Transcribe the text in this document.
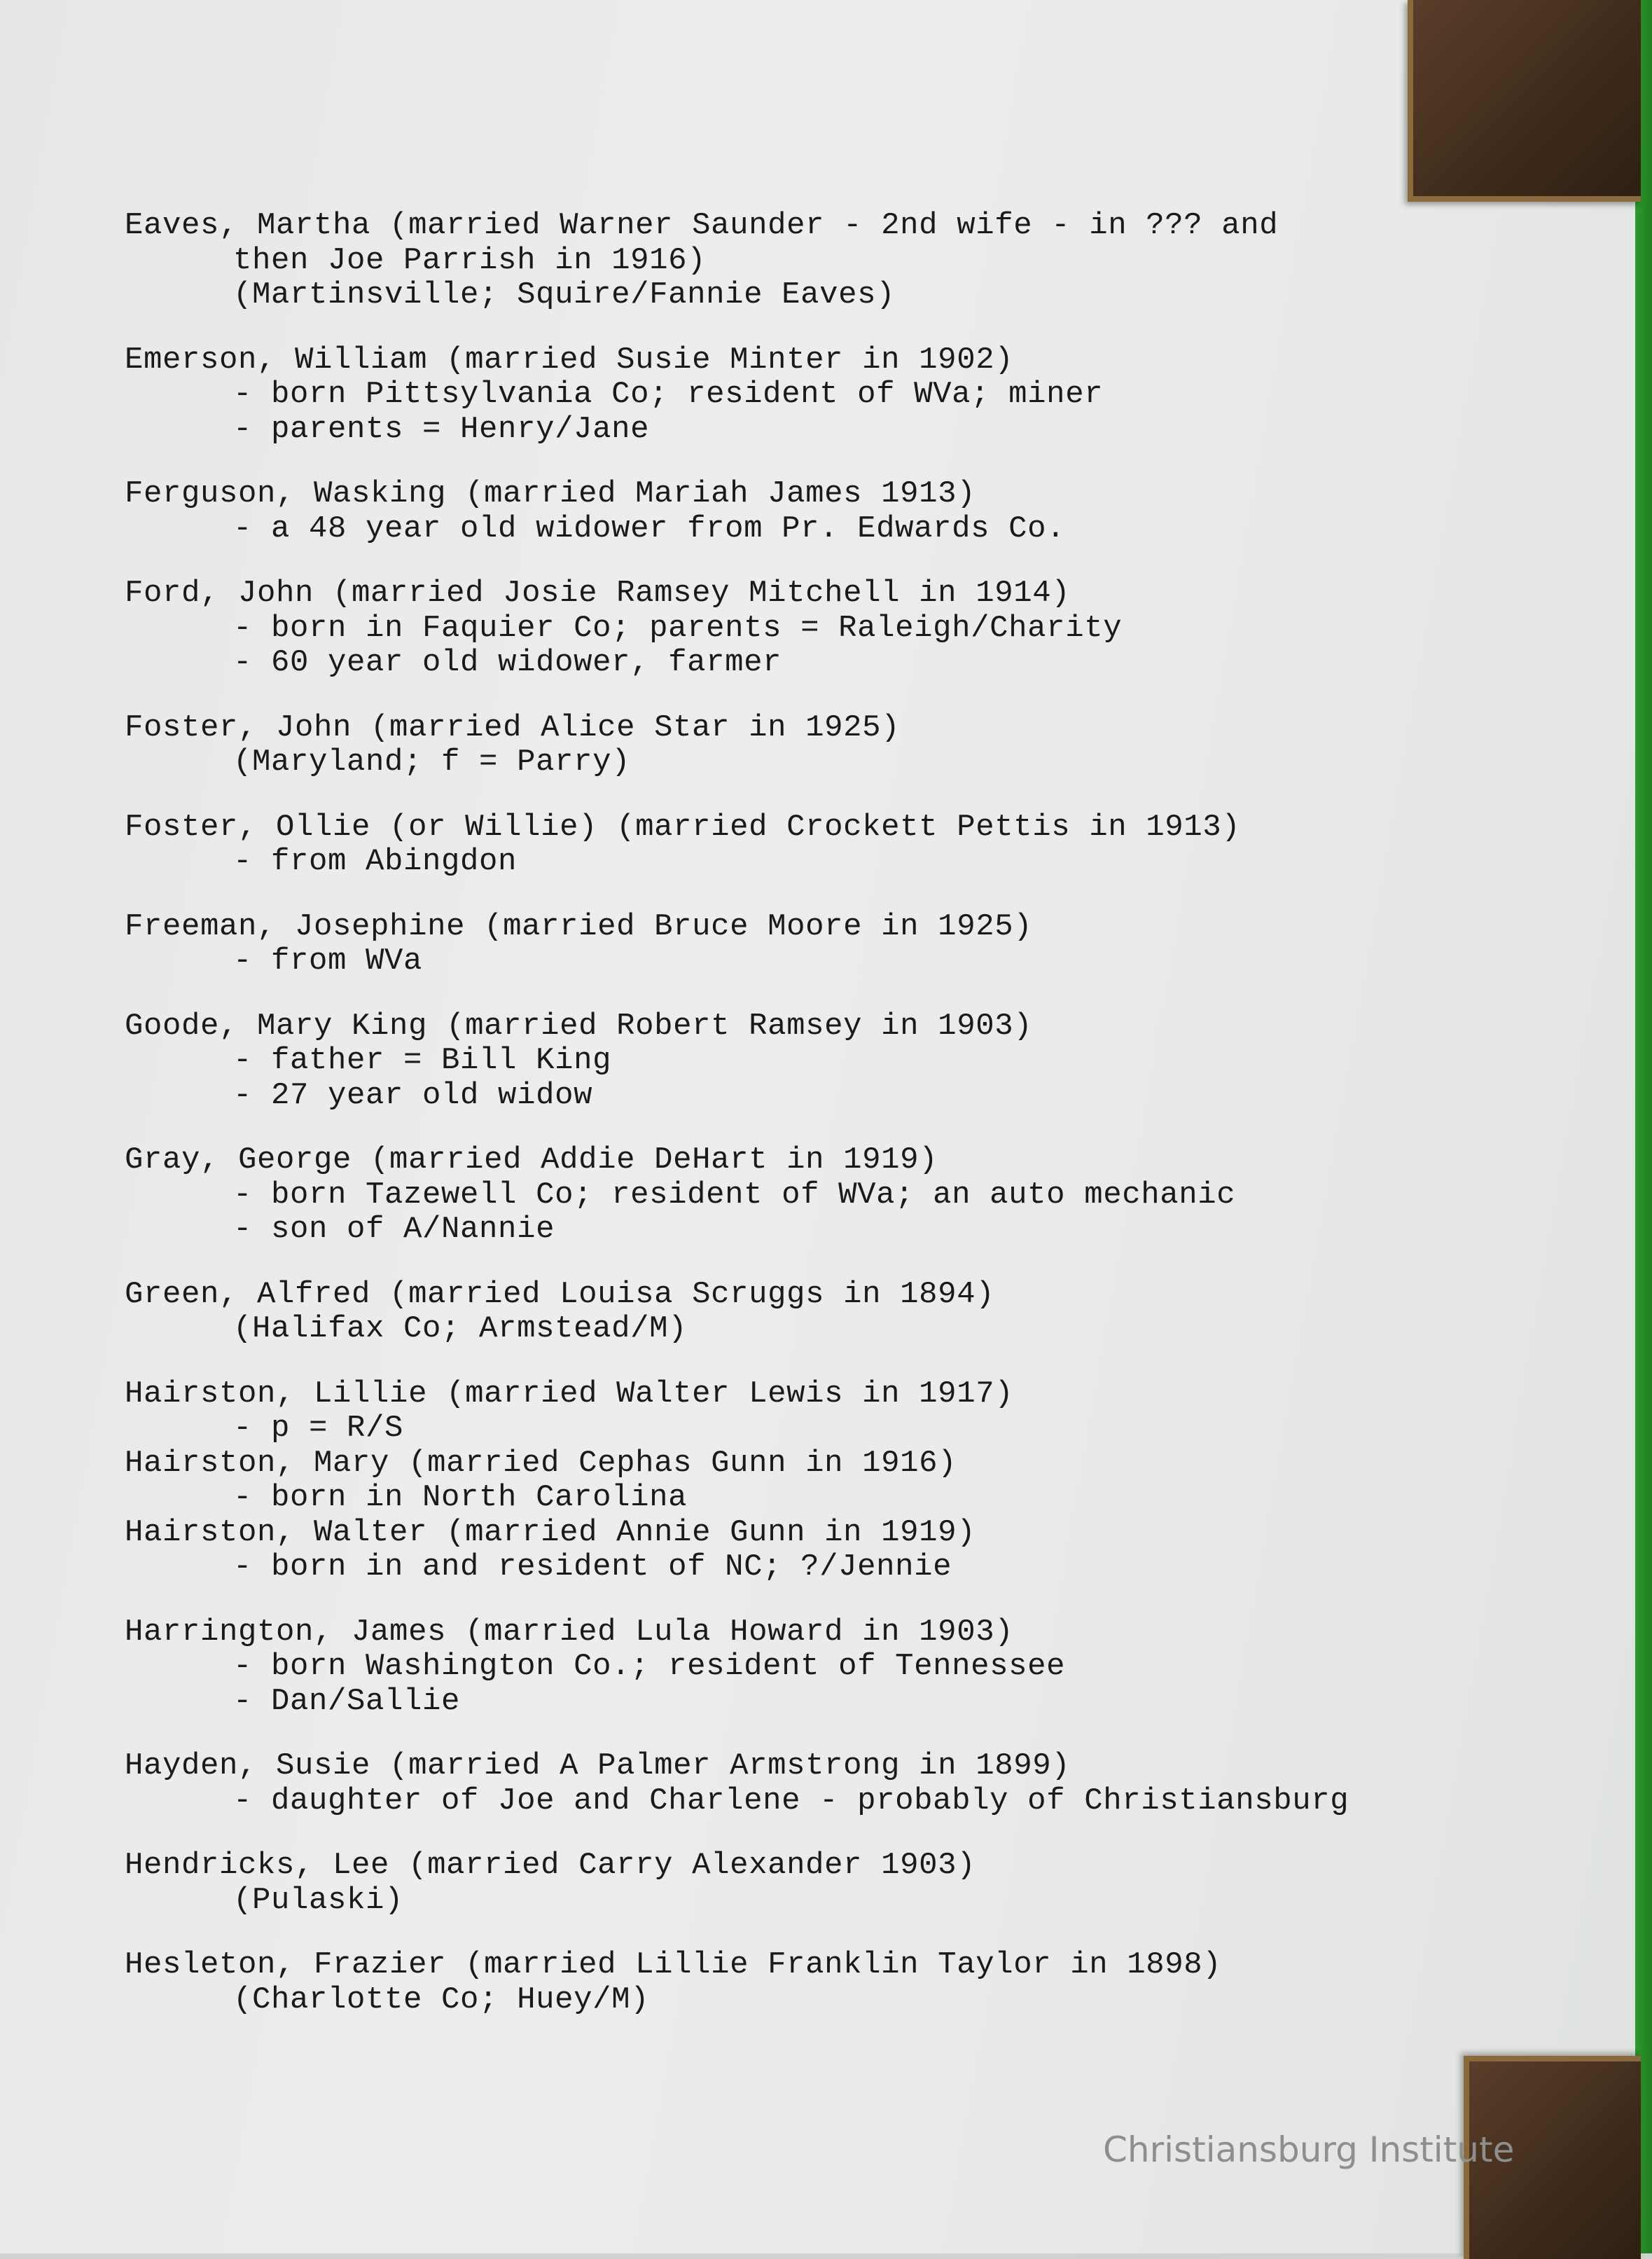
Eaves, Martha (married Warner Saunder - 2nd wife - in ??? and
then Joe Parrish in 1916)
(Martinsville; Squire/Fannie Eaves)
Emerson, William (married Susie Minter in 1902)
- born Pittsylvania Co; resident of WVa; miner
- parents = Henry/Jane
Ferguson, Wasking (married Mariah James 1913)
- a 48 year old widower from Pr. Edwards Co.
Ford, John (married Josie Ramsey Mitchell in 1914)
- born in Faquier Co; parents = Raleigh/Charity
- 60 year old widower, farmer
Foster, John (married Alice Star in 1925)
(Maryland; f = Parry)
Foster, Ollie (or Willie) (married Crockett Pettis in 1913)
- from Abingdon
Freeman, Josephine (married Bruce Moore in 1925)
- from WVa
Goode, Mary King (married Robert Ramsey in 1903)
- father = Bill King
- 27 year old widow
Gray, George (married Addie DeHart in 1919)
- born Tazewell Co; resident of WVa; an auto mechanic
- son of A/Nannie
Green, Alfred (married Louisa Scruggs in 1894)
(Halifax Co; Armstead/M)
Hairston, Lillie (married Walter Lewis in 1917)
- p = R/S
Hairston, Mary (married Cephas Gunn in 1916)
- born in North Carolina
Hairston, Walter (married Annie Gunn in 1919)
- born in and resident of NC; ?/Jennie
Harrington, James (married Lula Howard in 1903)
- born Washington Co.; resident of Tennessee
- Dan/Sallie
Hayden, Susie (married A Palmer Armstrong in 1899)
- daughter of Joe and Charlene - probably of Christiansburg
Hendricks, Lee (married Carry Alexander 1903)
(Pulaski)
Hesleton, Frazier (married Lillie Franklin Taylor in 1898)
(Charlotte Co; Huey/M)
Christiansburg Institute
